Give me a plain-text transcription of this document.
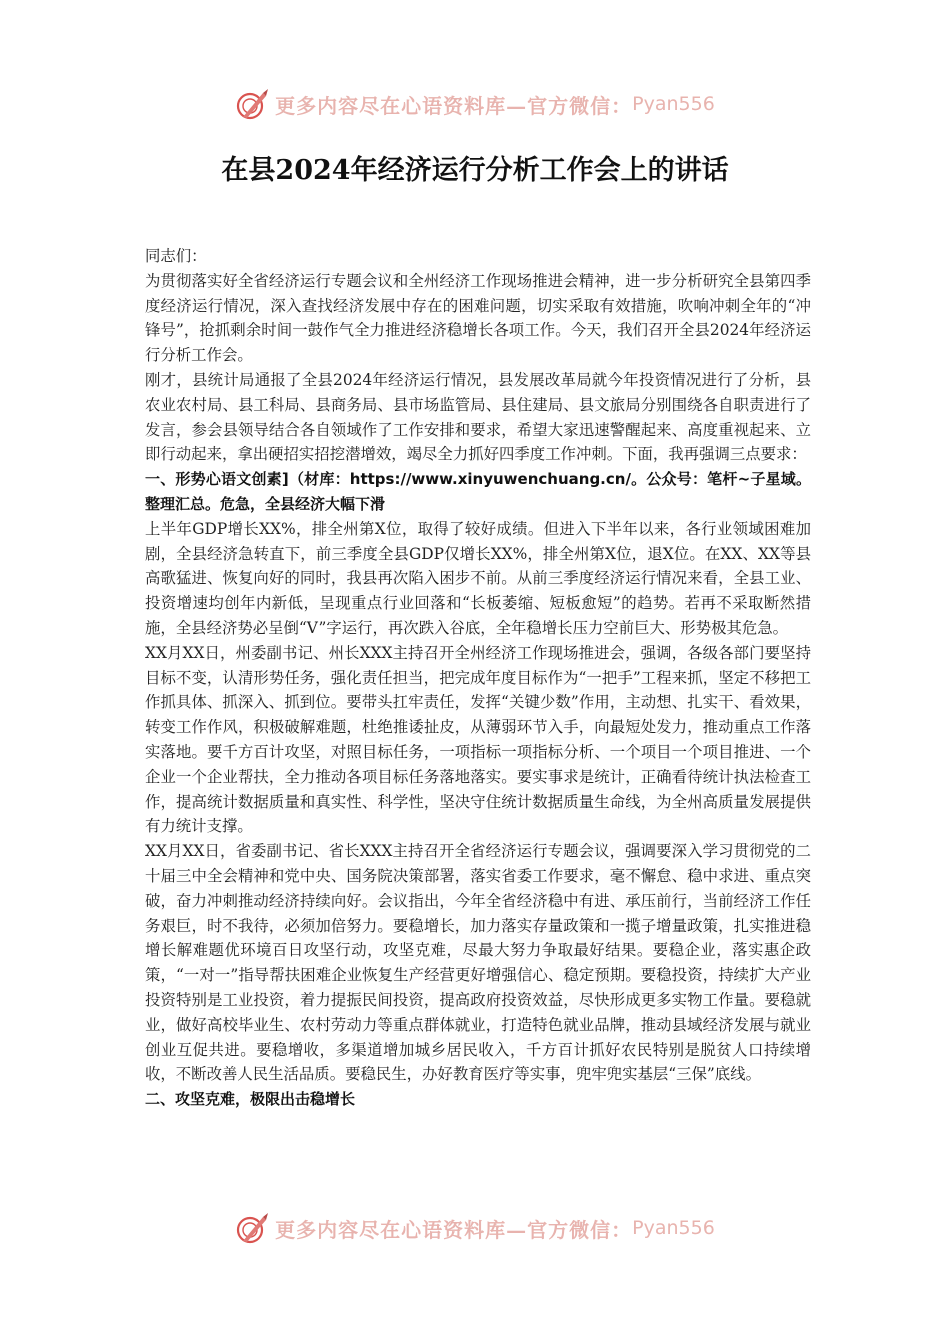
更多内容尽在心语资料库—官方微信： Pyan556
在县2024年经济运行分析工作会上的讲话

同志们：

为贯彻落实好全省经济运行专题会议和全州经济工作现场推进会精神，进一步分析研究全县第四季度经济运行情况，深入查找经济发展中存在的困难问题，切实采取有效措施，吹响冲刺全年的“冲锋号”，抢抓剩余时间一鼓作气全力推进经济稳增长各项工作。今天，我们召开全县2024年经济运行分析工作会。

刚才，县统计局通报了全县2024年经济运行情况，县发展改革局就今年投资情况进行了分析，县农业农村局、县工科局、县商务局、县市场监管局、县住建局、县文旅局分别围绕各自职责进行了发言，参会县领导结合各自领域作了工作安排和要求，希望大家迅速警醒起来、高度重视起来、立即行动起来，拿出硬招实招挖潜增效，竭尽全力抓好四季度工作冲刺。下面，我再强调三点要求：

一、形势心语文创素]（材库：https://www.xinyuwenchuang.cn/。公众号：笔杆~子星域。整理汇总。危急，全县经济大幅下滑

上半年GDP增长XX%，排全州第X位，取得了较好成绩。但进入下半年以来，各行业领域困难加剧，全县经济急转直下，前三季度全县GDP仅增长XX%，排全州第X位，退X位。在XX、XX等县高歌猛进、恢复向好的同时，我县再次陷入困步不前。从前三季度经济运行情况来看，全县工业、投资增速均创年内新低，呈现重点行业回落和“长板萎缩、短板愈短”的趋势。若再不采取断然措施，全县经济势必呈倒“V”字运行，再次跌入谷底，全年稳增长压力空前巨大、形势极其危急。

XX月XX日，州委副书记、州长XXX主持召开全州经济工作现场推进会，强调，各级各部门要坚持目标不变，认清形势任务，强化责任担当，把完成年度目标作为“一把手”工程来抓，坚定不移把工作抓具体、抓深入、抓到位。要带头扛牢责任，发挥“关键少数”作用，主动想、扎实干、看效果，转变工作作风，积极破解难题，杜绝推诿扯皮，从薄弱环节入手，向最短处发力，推动重点工作落实落地。要千方百计攻坚，对照目标任务，一项指标一项指标分析、一个项目一个项目推进、一个企业一个企业帮扶，全力推动各项目标任务落地落实。要实事求是统计，正确看待统计执法检查工作，提高统计数据质量和真实性、科学性，坚决守住统计数据质量生命线，为全州高质量发展提供有力统计支撑。

XX月XX日，省委副书记、省长XXX主持召开全省经济运行专题会议，强调要深入学习贯彻党的二十届三中全会精神和党中央、国务院决策部署，落实省委工作要求，毫不懈怠、稳中求进、重点突破，奋力冲刺推动经济持续向好。会议指出，今年全省经济稳中有进、承压前行，当前经济工作任务艰巨，时不我待，必须加倍努力。要稳增长，加力落实存量政策和一揽子增量政策，扎实推进稳增长解难题优环境百日攻坚行动，攻坚克难，尽最大努力争取最好结果。要稳企业，落实惠企政策，“一对一”指导帮扶困难企业恢复生产经营更好增强信心、稳定预期。要稳投资，持续扩大产业投资特别是工业投资，着力提振民间投资，提高政府投资效益，尽快形成更多实物工作量。要稳就业，做好高校毕业生、农村劳动力等重点群体就业，打造特色就业品牌，推动县域经济发展与就业创业互促共进。要稳增收，多渠道增加城乡居民收入，千方百计抓好农民特别是脱贫人口持续增收，不断改善人民生活品质。要稳民生，办好教育医疗等实事，兜牢兜实基层“三保”底线。

二、攻坚克难，极限出击稳增长

更多内容尽在心语资料库—官方微信： Pyan556
